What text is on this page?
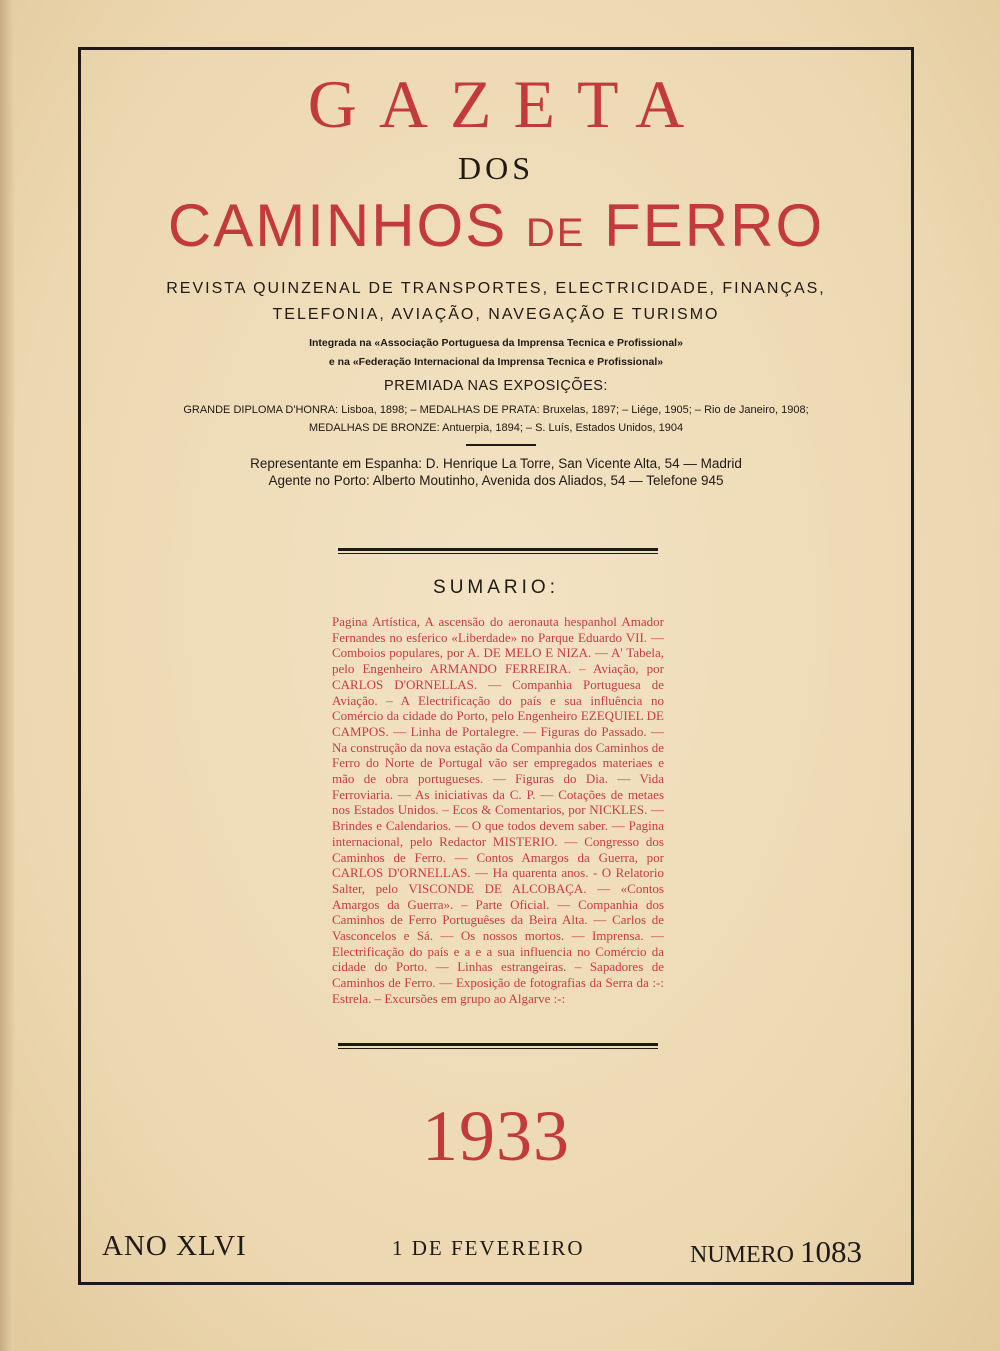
GAZETA
DOS
CAMINHOS DE FERRO
REVISTA QUINZENAL DE TRANSPORTES, ELECTRICIDADE, FINANÇAS,
TELEFONIA, AVIAÇÃO, NAVEGAÇÃO E TURISMO
Integrada na «Associação Portuguesa da Imprensa Tecnica e Profissional»
e na «Federação Internacional da Imprensa Tecnica e Profissional»
PREMIADA NAS EXPOSIÇÕES:
GRANDE DIPLOMA D'HONRA: Lisboa, 1898; – MEDALHAS DE PRATA: Bruxelas, 1897; – Liége, 1905; – Rio de Janeiro, 1908;
MEDALHAS DE BRONZE: Antuerpia, 1894; – S. Luís, Estados Unidos, 1904
Representante em Espanha: D. Henrique La Torre, San Vicente Alta, 54 — Madrid
Agente no Porto: Alberto Moutinho, Avenida dos Aliados, 54 — Telefone 945
SUMARIO:

Pagina Artística, A ascensão do aeronauta hespanhol Amador Fernandes no esferico «Liberdade» no Parque Eduardo VII. — Comboios populares, por A. DE MELO E NIZA. — A' Tabela, pelo Engenheiro ARMANDO FERREIRA. – Aviação, por CARLOS D'ORNELLAS. — Companhia Portuguesa de Aviação. – A Electrificação do país e sua influência no Comércio da cidade do Porto, pelo Engenheiro EZEQUIEL DE CAMPOS. — Linha de Portalegre. — Figuras do Passado. — Na construção da nova estação da Companhia dos Caminhos de Ferro do Norte de Portugal vão ser empregados materiaes e mão de obra portugueses. — Figuras do Dia. — Vida Ferroviaria. — As iniciativas da C. P. — Cotações de metaes nos Estados Unidos. – Ecos & Comentarios, por NICKLES. — Brindes e Calendarios. — O que todos devem saber. — Pagina internacional, pelo Redactor MISTERIO. — Congresso dos Caminhos de Ferro. — Contos Amargos da Guerra, por CARLOS D'ORNELLAS. — Ha quarenta anos. - O Relatorio Salter, pelo VISCONDE DE ALCOBAÇA. — «Contos Amargos da Guerra». – Parte Oficial. — Companhia dos Caminhos de Ferro Portuguêses da Beira Alta. — Carlos de Vasconcelos e Sá. — Os nossos mortos. — Imprensa. — Electrificação do país e a e a sua influencia no Comércio da cidade do Porto. — Linhas estrangeiras. – Sapadores de Caminhos de Ferro. — Exposição de fotografias da Serra da :-: Estrela. – Excursões em grupo ao Algarve :-:

1933
ANO XLVI	1 DE FEVEREIRO	NUMERO 1083
